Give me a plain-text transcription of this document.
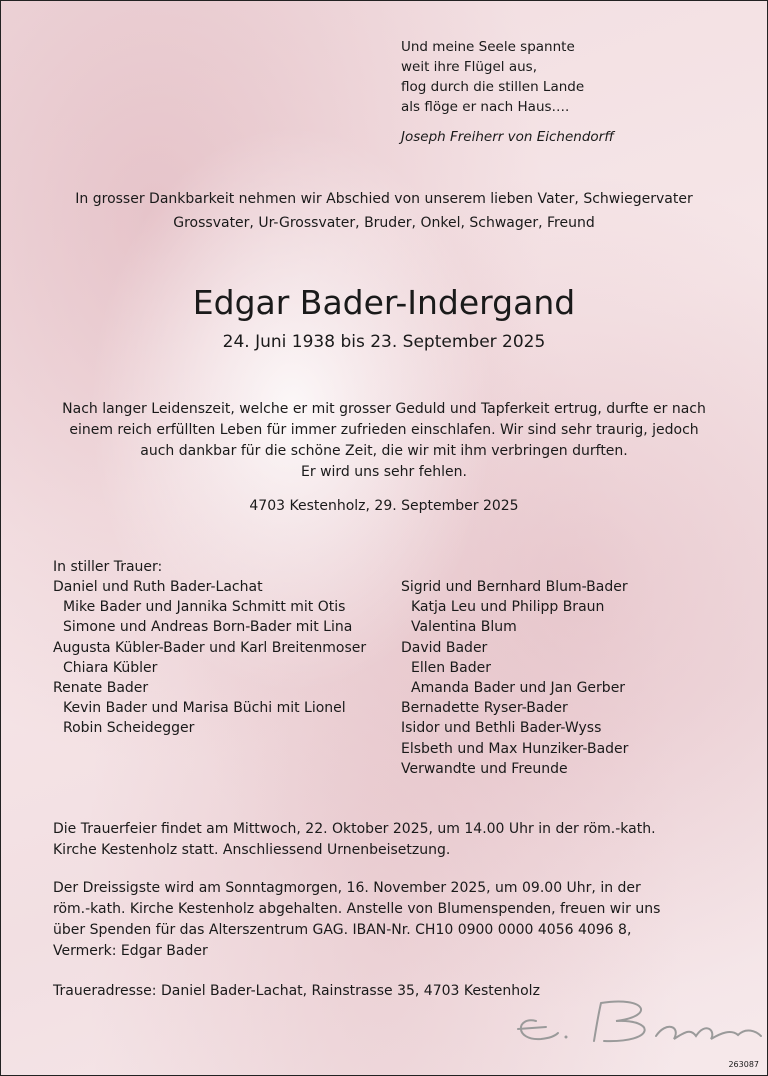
Und meine Seele spannte
weit ihre Flügel aus,
flog durch die stillen Lande
als flöge er nach Haus….
Joseph Freiherr von Eichendorff
In grosser Dankbarkeit nehmen wir Abschied von unserem lieben Vater, Schwiegervater
Grossvater, Ur-Grossvater, Bruder, Onkel, Schwager, Freund
Edgar Bader-Indergand
24. Juni 1938 bis 23. September 2025
Nach langer Leidenszeit, welche er mit grosser Geduld und Tapferkeit ertrug, durfte er nach
einem reich erfüllten Leben für immer zufrieden einschlafen. Wir sind sehr traurig, jedoch
auch dankbar für die schöne Zeit, die wir mit ihm verbringen durften.
Er wird uns sehr fehlen.
4703 Kestenholz, 29. September 2025
In stiller Trauer:
Daniel und Ruth Bader-Lachat
Mike Bader und Jannika Schmitt mit Otis
Simone und Andreas Born-Bader mit Lina
Augusta Kübler-Bader und Karl Breitenmoser
Chiara Kübler
Renate Bader
Kevin Bader und Marisa Büchi mit Lionel
Robin Scheidegger
Sigrid und Bernhard Blum-Bader
Katja Leu und Philipp Braun
Valentina Blum
David Bader
Ellen Bader
Amanda Bader und Jan Gerber
Bernadette Ryser-Bader
Isidor und Bethli Bader-Wyss
Elsbeth und Max Hunziker-Bader
Verwandte und Freunde
Die Trauerfeier findet am Mittwoch, 22. Oktober 2025, um 14.00 Uhr in der röm.-kath.
Kirche Kestenholz statt. Anschliessend Urnenbeisetzung.
Der Dreissigste wird am Sonntagmorgen, 16. November 2025, um 09.00 Uhr, in der
röm.-kath. Kirche Kestenholz abgehalten. Anstelle von Blumenspenden, freuen wir uns
über Spenden für das Alterszentrum GAG. IBAN-Nr. CH10 0900 0000 4056 4096 8,
Vermerk: Edgar Bader
Traueradresse: Daniel Bader-Lachat, Rainstrasse 35, 4703 Kestenholz
263087
